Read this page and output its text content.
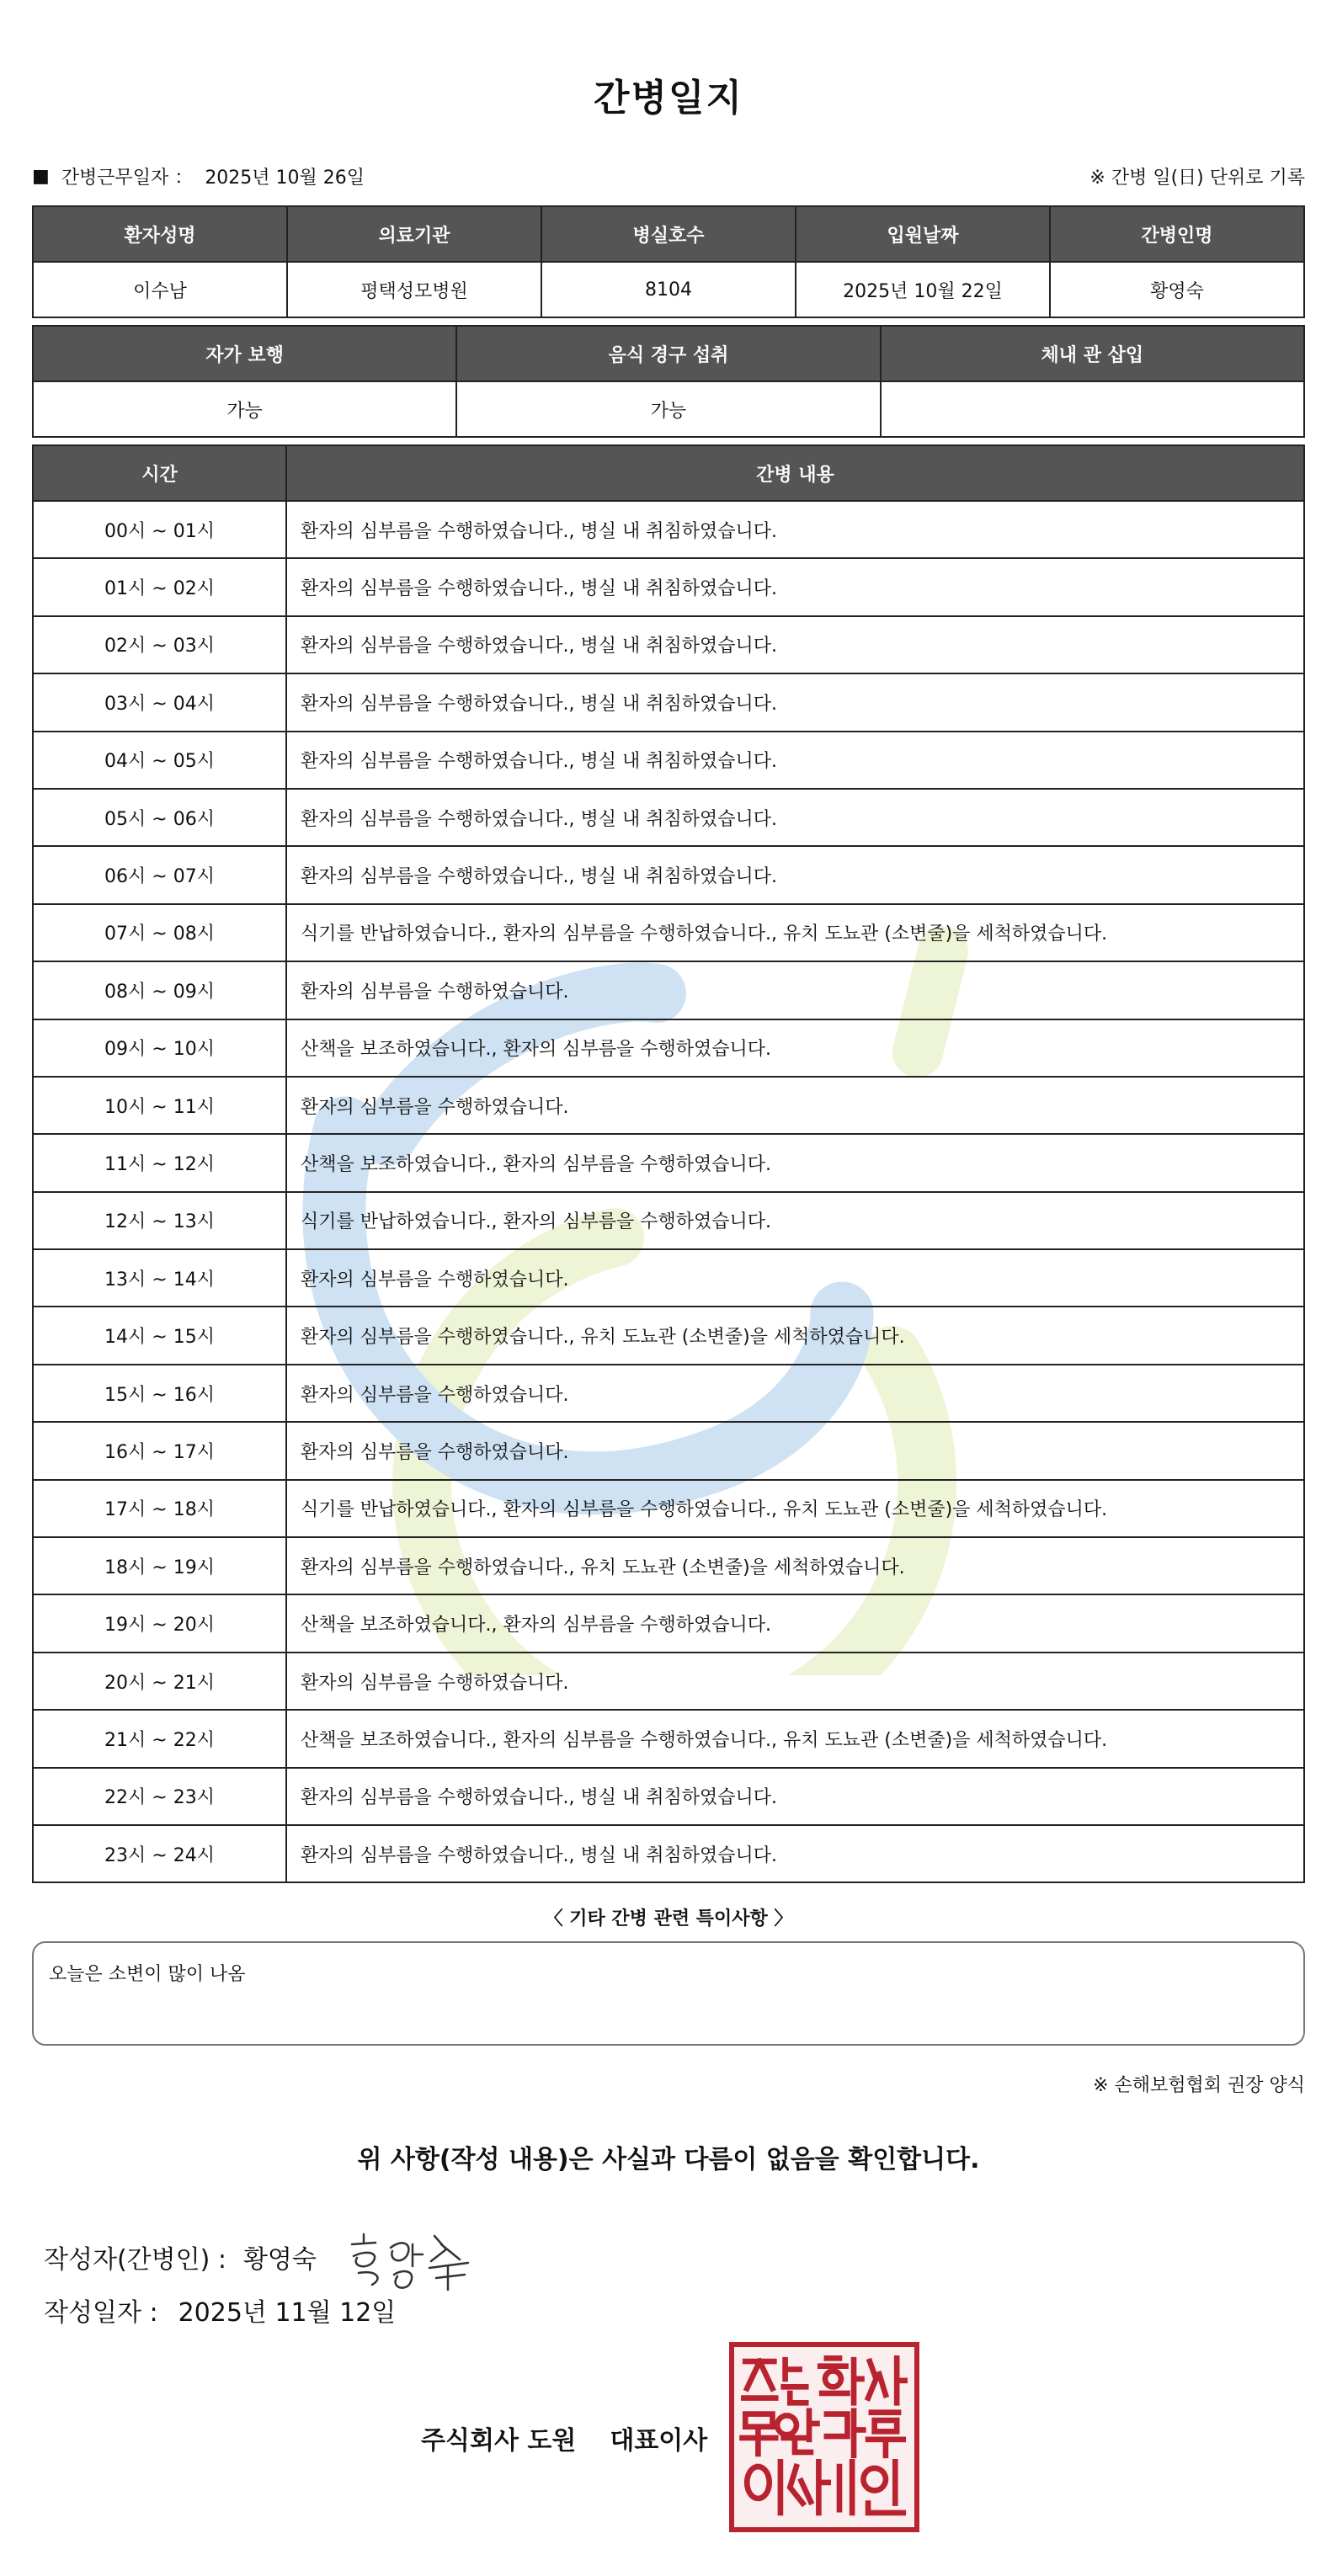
간병일지
■ 간병근무일자 ： 2025년 10월 26일	※ 간병 일(日) 단위로 기록
환자성명	의료기관	병실호수	입원날짜	간병인명
이수남	평택성모병원	8104	2025년 10월 22일	황영숙
자가 보행	음식 경구 섭취	체내 관 삽입
가능	가능	
시간	간병 내용
00시 ~ 01시	환자의 심부름을 수행하였습니다., 병실 내 취침하였습니다.
01시 ~ 02시	환자의 심부름을 수행하였습니다., 병실 내 취침하였습니다.
02시 ~ 03시	환자의 심부름을 수행하였습니다., 병실 내 취침하였습니다.
03시 ~ 04시	환자의 심부름을 수행하였습니다., 병실 내 취침하였습니다.
04시 ~ 05시	환자의 심부름을 수행하였습니다., 병실 내 취침하였습니다.
05시 ~ 06시	환자의 심부름을 수행하였습니다., 병실 내 취침하였습니다.
06시 ~ 07시	환자의 심부름을 수행하였습니다., 병실 내 취침하였습니다.
07시 ~ 08시	식기를 반납하였습니다., 환자의 심부름을 수행하였습니다., 유치 도뇨관 (소변줄)을 세척하였습니다.
08시 ~ 09시	환자의 심부름을 수행하였습니다.
09시 ~ 10시	산책을 보조하였습니다., 환자의 심부름을 수행하였습니다.
10시 ~ 11시	환자의 심부름을 수행하였습니다.
11시 ~ 12시	산책을 보조하였습니다., 환자의 심부름을 수행하였습니다.
12시 ~ 13시	식기를 반납하였습니다., 환자의 심부름을 수행하였습니다.
13시 ~ 14시	환자의 심부름을 수행하였습니다.
14시 ~ 15시	환자의 심부름을 수행하였습니다., 유치 도뇨관 (소변줄)을 세척하였습니다.
15시 ~ 16시	환자의 심부름을 수행하였습니다.
16시 ~ 17시	환자의 심부름을 수행하였습니다.
17시 ~ 18시	식기를 반납하였습니다., 환자의 심부름을 수행하였습니다., 유치 도뇨관 (소변줄)을 세척하였습니다.
18시 ~ 19시	환자의 심부름을 수행하였습니다., 유치 도뇨관 (소변줄)을 세척하였습니다.
19시 ~ 20시	산책을 보조하였습니다., 환자의 심부름을 수행하였습니다.
20시 ~ 21시	환자의 심부름을 수행하였습니다.
21시 ~ 22시	산책을 보조하였습니다., 환자의 심부름을 수행하였습니다., 유치 도뇨관 (소변줄)을 세척하였습니다.
22시 ~ 23시	환자의 심부름을 수행하였습니다., 병실 내 취침하였습니다.
23시 ~ 24시	환자의 심부름을 수행하였습니다., 병실 내 취침하였습니다.
〈 기타 간병 관련 특이사항 〉
오늘은 소변이 많이 나옴
※ 손해보험협회 권장 양식
위 사항(작성 내용)은 사실과 다름이 없음을 확인합니다.
작성자(간병인) : 황영숙
작성일자 : 2025년 11월 12일
주식회사 도원 대표이사
